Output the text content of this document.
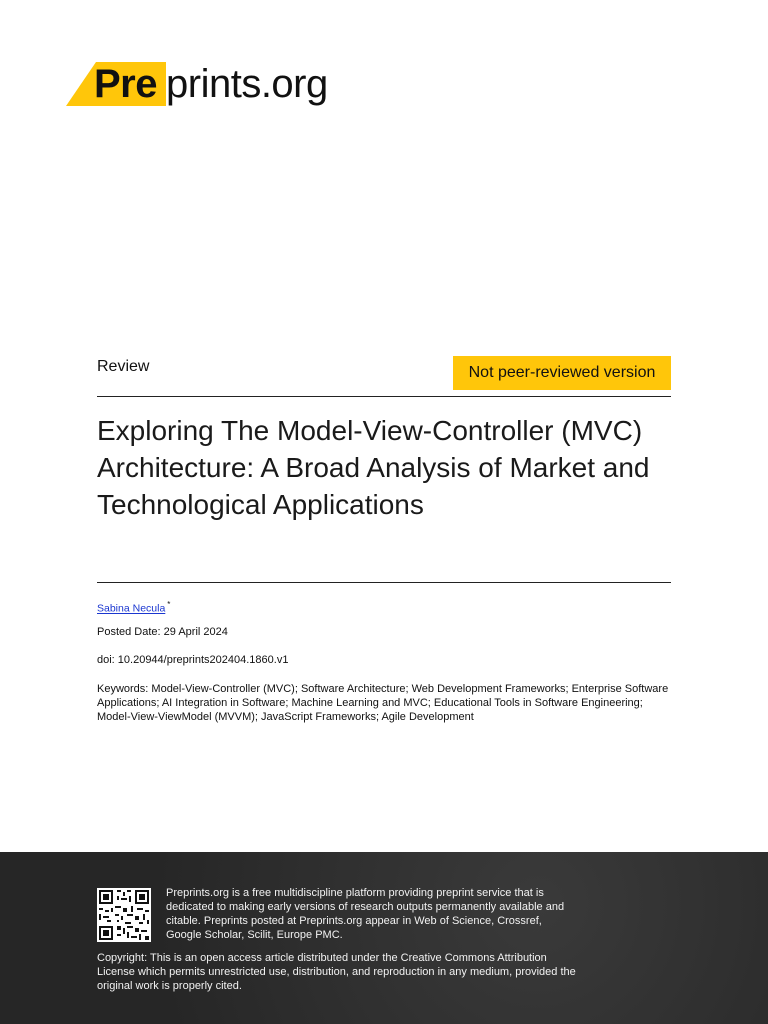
Pre prints.org
Review	Not peer-reviewed version
Exploring The Model-View-Controller (MVC) Architecture: A Broad Analysis of Market and Technological Applications
Sabina Necula *
Posted Date: 29 April 2024
doi: 10.20944/preprints202404.1860.v1
Keywords: Model-View-Controller (MVC); Software Architecture; Web Development Frameworks; Enterprise Software Applications; AI Integration in Software; Machine Learning and MVC; Educational Tools in Software Engineering; Model-View-ViewModel (MVVM); JavaScript Frameworks; Agile Development
Preprints.org is a free multidiscipline platform providing preprint service that is dedicated to making early versions of research outputs permanently available and citable. Preprints posted at Preprints.org appear in Web of Science, Crossref, Google Scholar, Scilit, Europe PMC.
Copyright: This is an open access article distributed under the Creative Commons Attribution License which permits unrestricted use, distribution, and reproduction in any medium, provided the original work is properly cited.
